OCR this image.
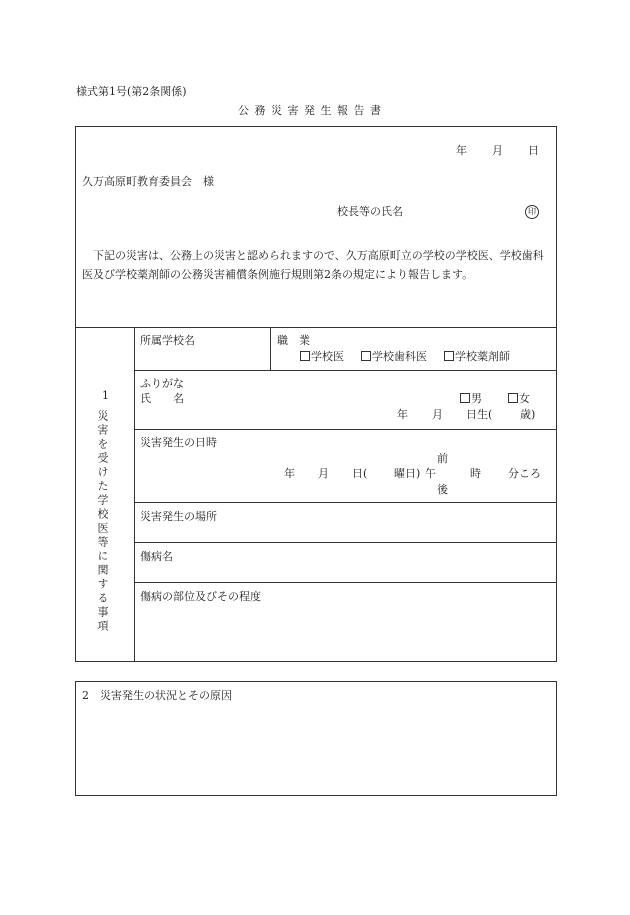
様式第1号(第2条関係)
公 務 災 害 発 生 報 告 書
年 月 日
久万高原町教育委員会　様
校長等の氏名	印
下記の災害は、公務上の災害と認められますので、久万高原町立の学校の学校医、学校歯科医及び学校薬剤師の公務災害補償条例施行規則第2条の規定により報告します。
1
災害を受けた学校医等に関する事項
所属学校名	職　業
学校医	学校歯科医	学校薬剤師
ふりがな
氏　　名	男	女
年 月 日生(	歳)
災害発生の日時
前
年 月 日( 曜日) 午	時 分ころ
後
災害発生の場所
傷病名
傷病の部位及びその程度
2　災害発生の状況とその原因
